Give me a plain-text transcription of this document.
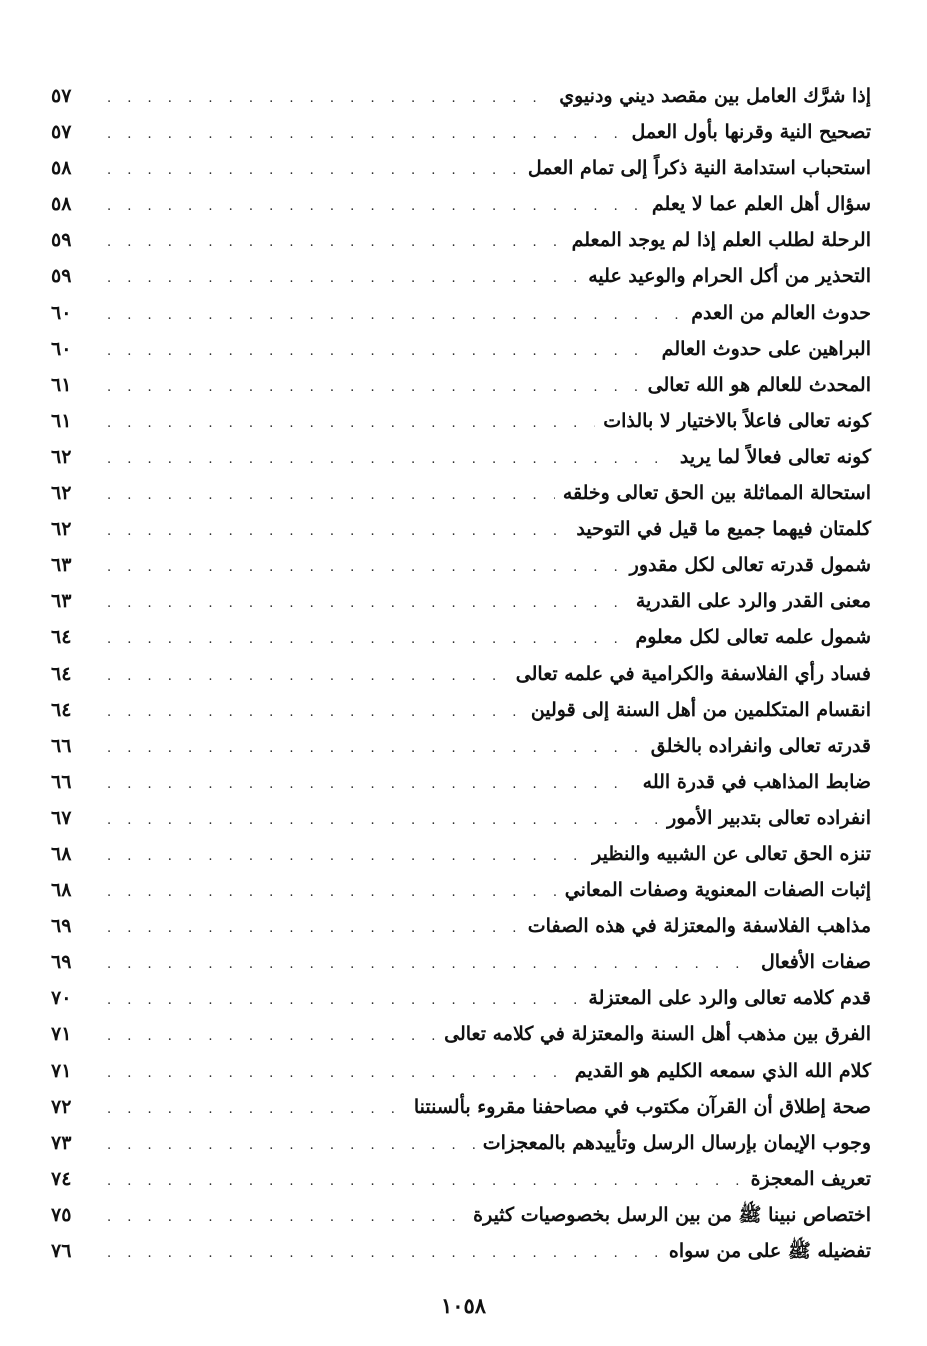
إذا شرَّك العامل بين مقصد ديني ودنيوي
. . .
٥٧
تصحيح النية وقرنها بأول العمل
. . .
٥٧
استحباب استدامة النية ذكراً إلى تمام العمل
. . .
٥٨
سؤال أهل العلم عما لا يعلم
. . .
٥٨
الرحلة لطلب العلم إذا لم يوجد المعلم
. . .
٥٩
التحذير من أكل الحرام والوعيد عليه
. . .
٥٩
حدوث العالم من العدم
. . .
٦٠
البراهين على حدوث العالم
. . .
٦٠
المحدث للعالم هو الله تعالى
. . .
٦١
كونه تعالى فاعلاً بالاختيار لا بالذات
. . .
٦١
كونه تعالى فعالاً لما يريد
. . .
٦٢
استحالة المماثلة بين الحق تعالى وخلقه
. . .
٦٢
كلمتان فيهما جميع ما قيل في التوحيد
. . .
٦٢
شمول قدرته تعالى لكل مقدور
. . .
٦٣
معنى القدر والرد على القدرية
. . .
٦٣
شمول علمه تعالى لكل معلوم
. . .
٦٤
فساد رأي الفلاسفة والكرامية في علمه تعالى
. . .
٦٤
انقسام المتكلمين من أهل السنة إلى قولين
. . .
٦٤
قدرته تعالى وانفراده بالخلق
. . .
٦٦
ضابط المذاهب في قدرة الله
. . .
٦٦
انفراده تعالى بتدبير الأمور
. . .
٦٧
تنزه الحق تعالى عن الشبيه والنظير
. . .
٦٨
إثبات الصفات المعنوية وصفات المعاني
. . .
٦٨
مذاهب الفلاسفة والمعتزلة في هذه الصفات
. . .
٦٩
صفات الأفعال
. . .
٦٩
قدم كلامه تعالى والرد على المعتزلة
. . .
٧٠
الفرق بين مذهب أهل السنة والمعتزلة في كلامه تعالى
. . .
٧١
كلام الله الذي سمعه الكليم هو القديم
. . .
٧١
صحة إطلاق أن القرآن مكتوب في مصاحفنا مقروء بألسنتنا
. . .
٧٢
وجوب الإيمان بإرسال الرسل وتأييدهم بالمعجزات
. . .
٧٣
تعريف المعجزة
. . .
٧٤
اختصاص نبينا ﷺ من بين الرسل بخصوصيات كثيرة
. . .
٧٥
تفضيله ﷺ على من سواه
. . .
٧٦
١٠٥٨
